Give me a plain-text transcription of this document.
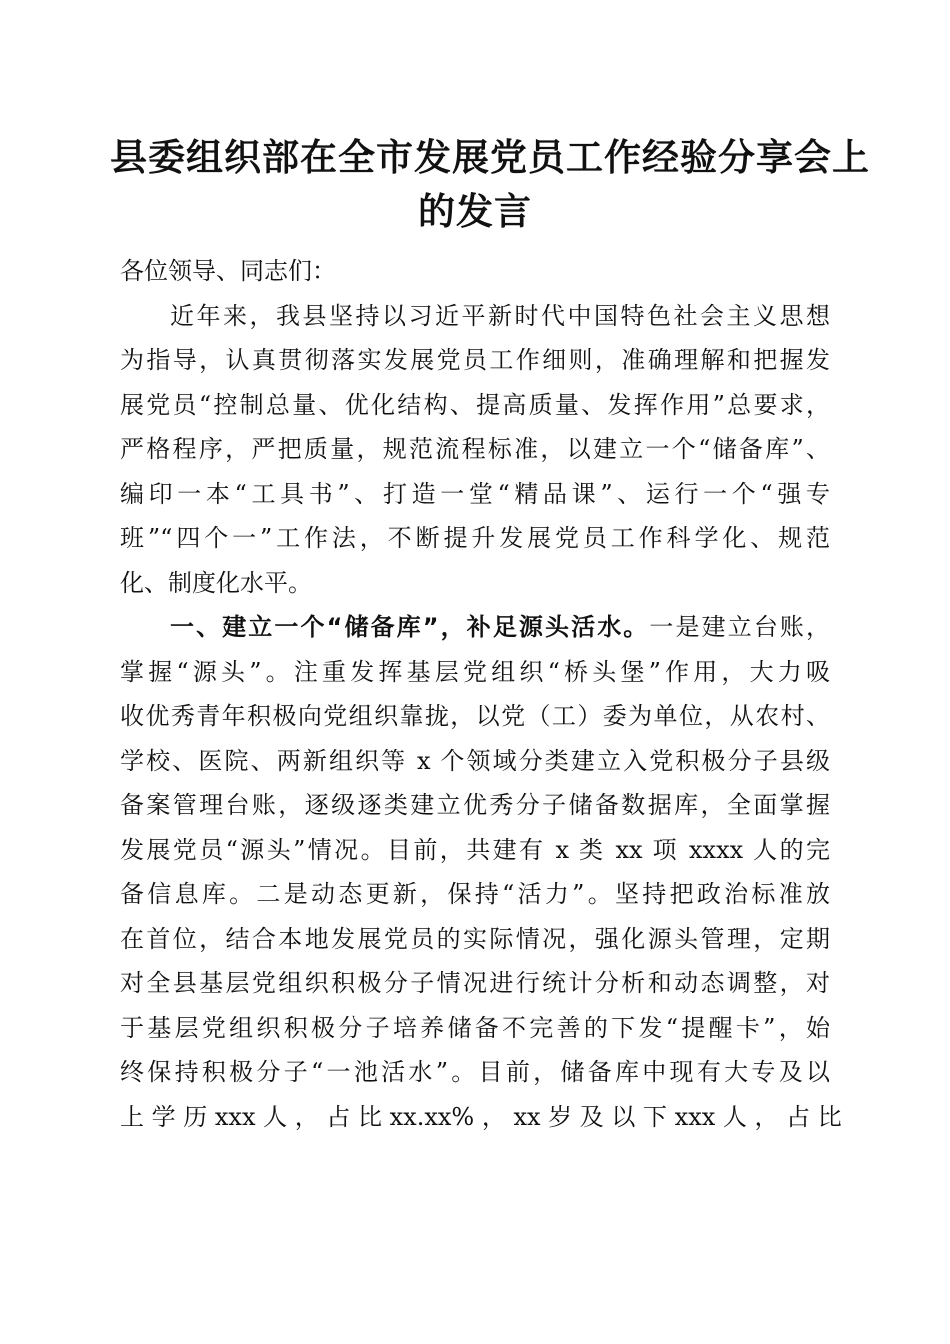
县委组织部在全市发展党员工作经验分享会上
的发言
各位领导、同志们：
近年来，我县坚持以习近平新时代中国特色社会主义思想
为指导，认真贯彻落实发展党员工作细则，准确理解和把握发
展党员“控制总量、优化结构、提高质量、发挥作用”总要求，
严格程序，严把质量，规范流程标准，以建立一个“储备库”、
编印一本“工具书”、打造一堂“精品课”、运行一个“强专
班”“四个一”工作法，不断提升发展党员工作科学化、规范
化、制度化水平。
一、建立一个“储备库”，补足源头活水。一是建立台账，
掌握“源头”。注重发挥基层党组织“桥头堡”作用，大力吸
收优秀青年积极向党组织靠拢，以党（工）委为单位，从农村、
学校、医院、两新组织等 x 个领域分类建立入党积极分子县级
备案管理台账，逐级逐类建立优秀分子储备数据库，全面掌握
发展党员“源头”情况。目前，共建有 x 类 xx 项 xxxx 人的完
备信息库。二是动态更新，保持“活力”。坚持把政治标准放
在首位，结合本地发展党员的实际情况，强化源头管理，定期
对全县基层党组织积极分子情况进行统计分析和动态调整，对
于基层党组织积极分子培养储备不完善的下发“提醒卡”，始
终保持积极分子“一池活水”。目前，储备库中现有大专及以
上 学 历 xxx 人 ， 占 比 xx.xx% ， xx 岁 及 以 下 xxx 人 ， 占 比
